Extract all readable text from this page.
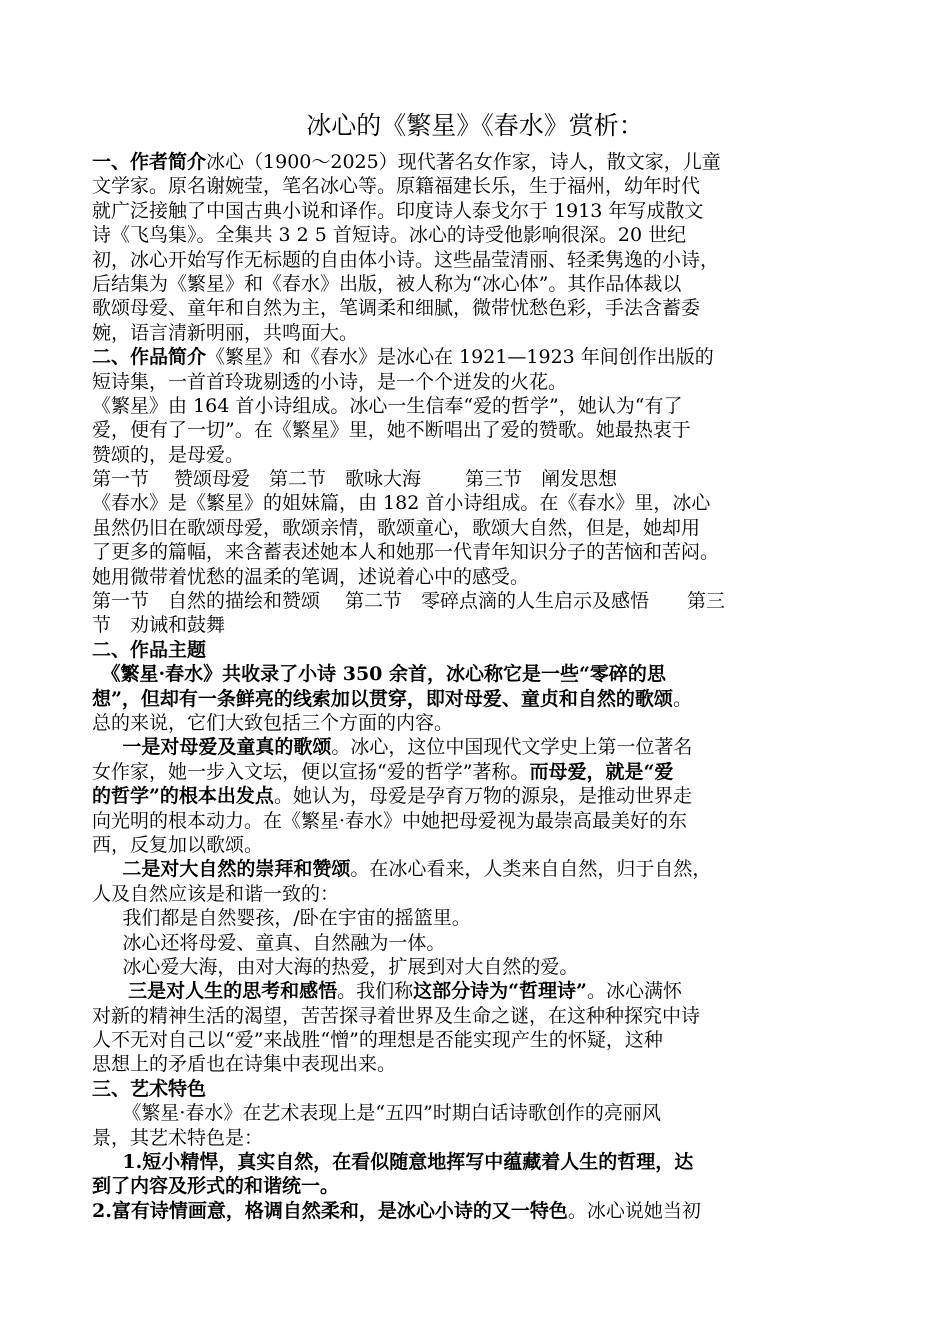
冰心的《繁星》《春水》赏析：
一、作者简介冰心（1900～2025）现代著名女作家，诗人，散文家，儿童
文学家。原名谢婉莹，笔名冰心等。原籍福建长乐，生于福州，幼年时代
就广泛接触了中国古典小说和译作。印度诗人泰戈尔于 1913 年写成散文
诗《飞鸟集》。全集共 3 2 5 首短诗。冰心的诗受他影响很深。20 世纪
初，冰心开始写作无标题的自由体小诗。这些晶莹清丽、轻柔隽逸的小诗，
后结集为《繁星》和《春水》出版，被人称为“冰心体”。其作品体裁以
歌颂母爱、童年和自然为主，笔调柔和细腻，微带忧愁色彩，手法含蓄委
婉，语言清新明丽，共鸣面大。
二、作品简介《繁星》和《春水》是冰心在 1921—1923 年间创作出版的
短诗集，一首首玲珑剔透的小诗，是一个个迸发的火花。
《繁星》由 164 首小诗组成。冰心一生信奉“爱的哲学”，她认为“有了
爱，便有了一切”。在《繁星》里，她不断唱出了爱的赞歌。她最热衷于
赞颂的，是母爱。
第一节　 赞颂母爱　第二节　歌咏大海　　 第三节　阐发思想
《春水》是《繁星》的姐妹篇，由 182 首小诗组成。在《春水》里，冰心
虽然仍旧在歌颂母爱，歌颂亲情，歌颂童心，歌颂大自然，但是，她却用
了更多的篇幅，来含蓄表述她本人和她那一代青年知识分子的苦恼和苦闷。
她用微带着忧愁的温柔的笔调，述说着心中的感受。
第一节　自然的描绘和赞颂　 第二节　零碎点滴的人生启示及感悟　　第三
节　劝诫和鼓舞
二、作品主题
《繁星·春水》共收录了小诗 350 余首，冰心称它是一些“零碎的思
想”，但却有一条鲜亮的线索加以贯穿，即对母爱、童贞和自然的歌颂。
总的来说，它们大致包括三个方面的内容。
一是对母爱及童真的歌颂。冰心，这位中国现代文学史上第一位著名
女作家，她一步入文坛，便以宣扬“爱的哲学”著称。而母爱，就是“爱
的哲学”的根本出发点。她认为，母爱是孕育万物的源泉，是推动世界走
向光明的根本动力。在《繁星·春水》中她把母爱视为最崇高最美好的东
西，反复加以歌颂。
二是对大自然的崇拜和赞颂。在冰心看来，人类来自自然，归于自然，
人及自然应该是和谐一致的：
我们都是自然婴孩，/卧在宇宙的摇篮里。
冰心还将母爱、童真、自然融为一体。
冰心爱大海，由对大海的热爱，扩展到对大自然的爱。
三是对人生的思考和感悟。我们称这部分诗为“哲理诗”。冰心满怀
对新的精神生活的渴望，苦苦探寻着世界及生命之谜，在这种种探究中诗
人不无对自己以“爱”来战胜“憎”的理想是否能实现产生的怀疑，这种
思想上的矛盾也在诗集中表现出来。
三、艺术特色
《繁星·春水》在艺术表现上是“五四”时期白话诗歌创作的亮丽风
景，其艺术特色是：
1.短小精悍，真实自然，在看似随意地挥写中蕴藏着人生的哲理，达
到了内容及形式的和谐统一。
2.富有诗情画意，格调自然柔和，是冰心小诗的又一特色。冰心说她当初
